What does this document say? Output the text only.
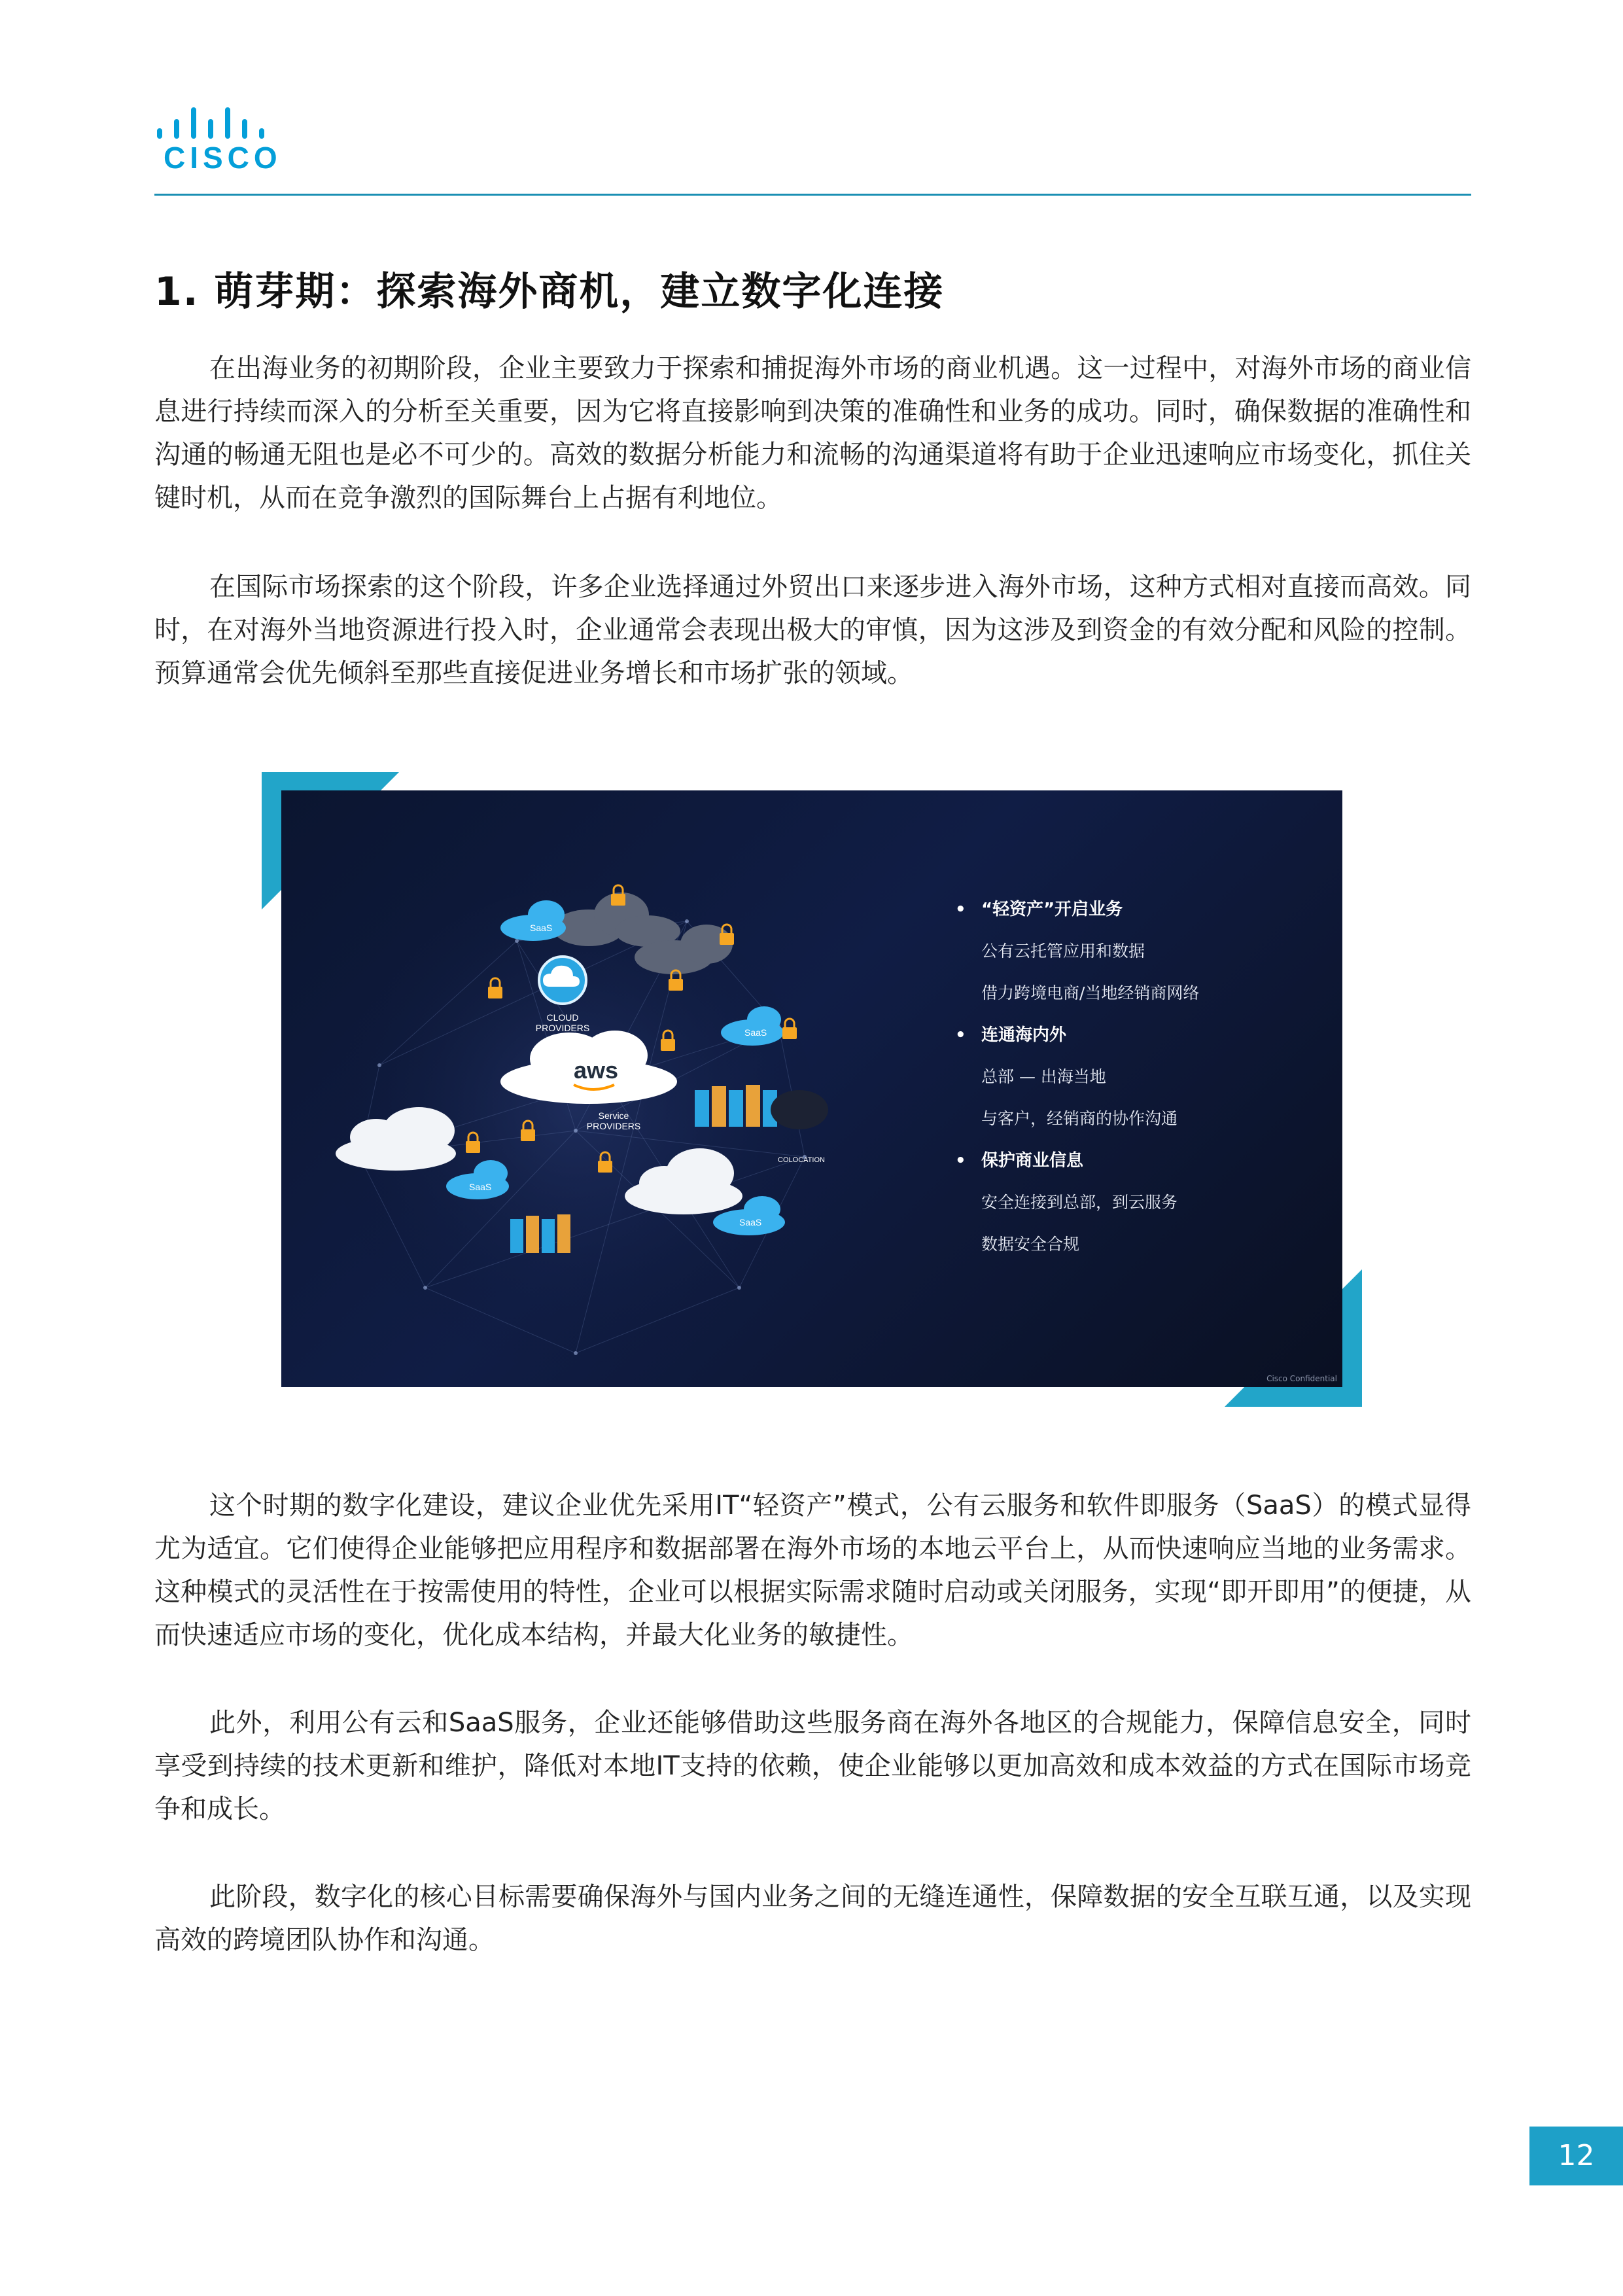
CISCO
1. 萌芽期：探索海外商机，建立数字化连接

在出海业务的初期阶段，企业主要致力于探索和捕捉海外市场的商业机遇。这一过程中，对海外市场的商业信息进行持续而深入的分析至关重要，因为它将直接影响到决策的准确性和业务的成功。同时，确保数据的准确性和沟通的畅通无阻也是必不可少的。高效的数据分析能力和流畅的沟通渠道将有助于企业迅速响应市场变化，抓住关键时机，从而在竞争激烈的国际舞台上占据有利地位。

在国际市场探索的这个阶段，许多企业选择通过外贸出口来逐步进入海外市场，这种方式相对直接而高效。同时，在对海外当地资源进行投入时，企业通常会表现出极大的审慎，因为这涉及到资金的有效分配和风险的控制。预算通常会优先倾斜至那些直接促进业务增长和市场扩张的领域。

SaaS
SaaS
SaaS
SaaS
CLOUD
PROVIDERS
aws
Service
PROVIDERS
COLOCATION
• “轻资产”开启业务
公有云托管应用和数据
借力跨境电商/当地经销商网络
• 连通海内外
总部 — 出海当地
与客户，经销商的协作沟通
• 保护商业信息
安全连接到总部，到云服务
数据安全合规
Cisco Confidential

这个时期的数字化建设，建议企业优先采用IT“轻资产”模式，公有云服务和软件即服务（SaaS）的模式显得尤为适宜。它们使得企业能够把应用程序和数据部署在海外市场的本地云平台上，从而快速响应当地的业务需求。这种模式的灵活性在于按需使用的特性，企业可以根据实际需求随时启动或关闭服务，实现“即开即用”的便捷，从而快速适应市场的变化，优化成本结构，并最大化业务的敏捷性。

此外，利用公有云和SaaS服务，企业还能够借助这些服务商在海外各地区的合规能力，保障信息安全，同时享受到持续的技术更新和维护，降低对本地IT支持的依赖，使企业能够以更加高效和成本效益的方式在国际市场竞争和成长。

此阶段，数字化的核心目标需要确保海外与国内业务之间的无缝连通性，保障数据的安全互联互通，以及实现高效的跨境团队协作和沟通。

12
